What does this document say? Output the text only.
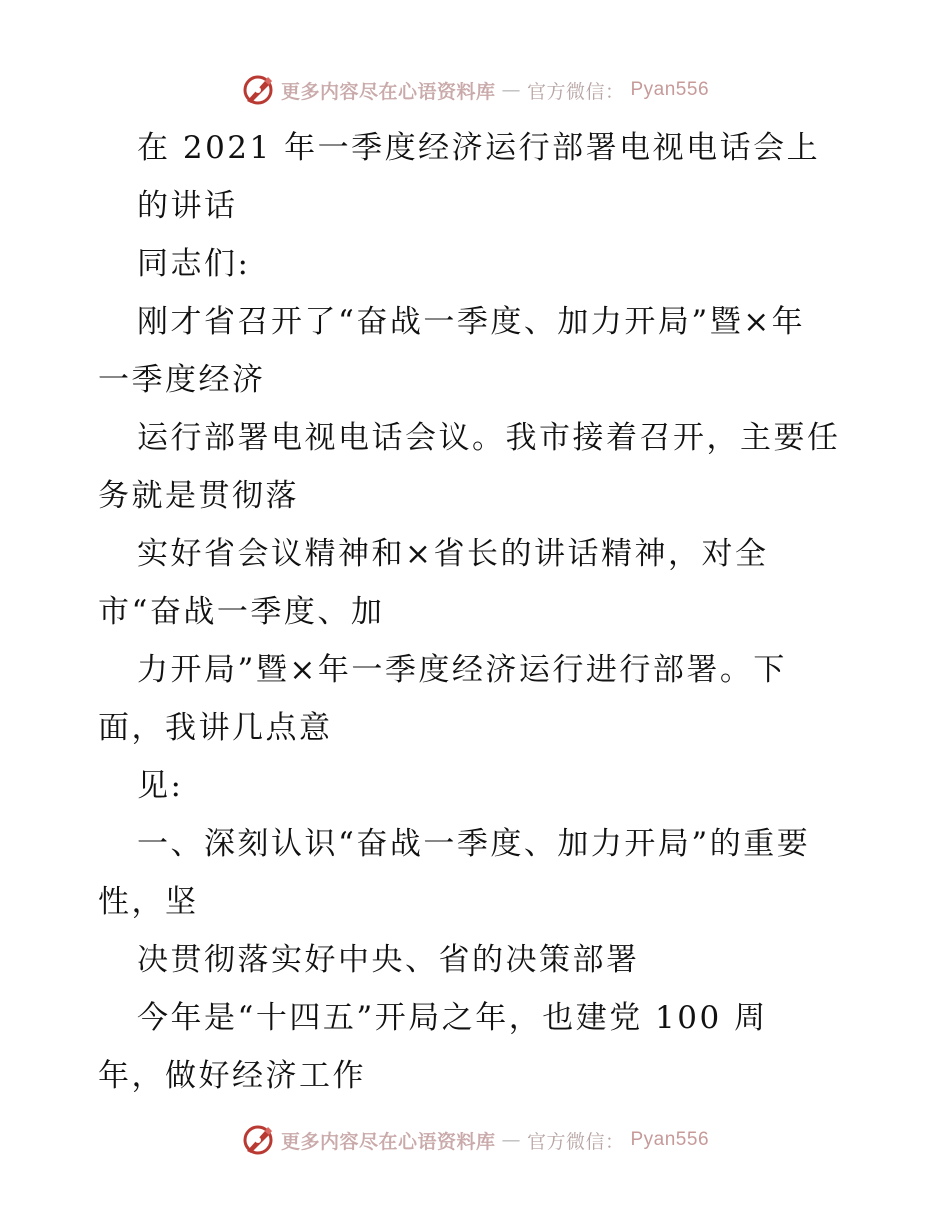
更多内容尽在心语资料库 — 官方微信： Pyan556
在 2021 年一季度经济运行部署电视电话会上
的讲话
同志们:
刚才省召开了“奋战一季度、加力开局”暨×年
一季度经济
运行部署电视电话会议。我市接着召开，主要任
务就是贯彻落
实好省会议精神和×省长的讲话精神，对全
市“奋战一季度、加
力开局”暨×年一季度经济运行进行部署。下
面，我讲几点意
见:
一、深刻认识“奋战一季度、加力开局”的重要
性，坚
决贯彻落实好中央、省的决策部署
今年是“十四五”开局之年，也建党 100 周
年，做好经济工作
更多内容尽在心语资料库 — 官方微信： Pyan556
